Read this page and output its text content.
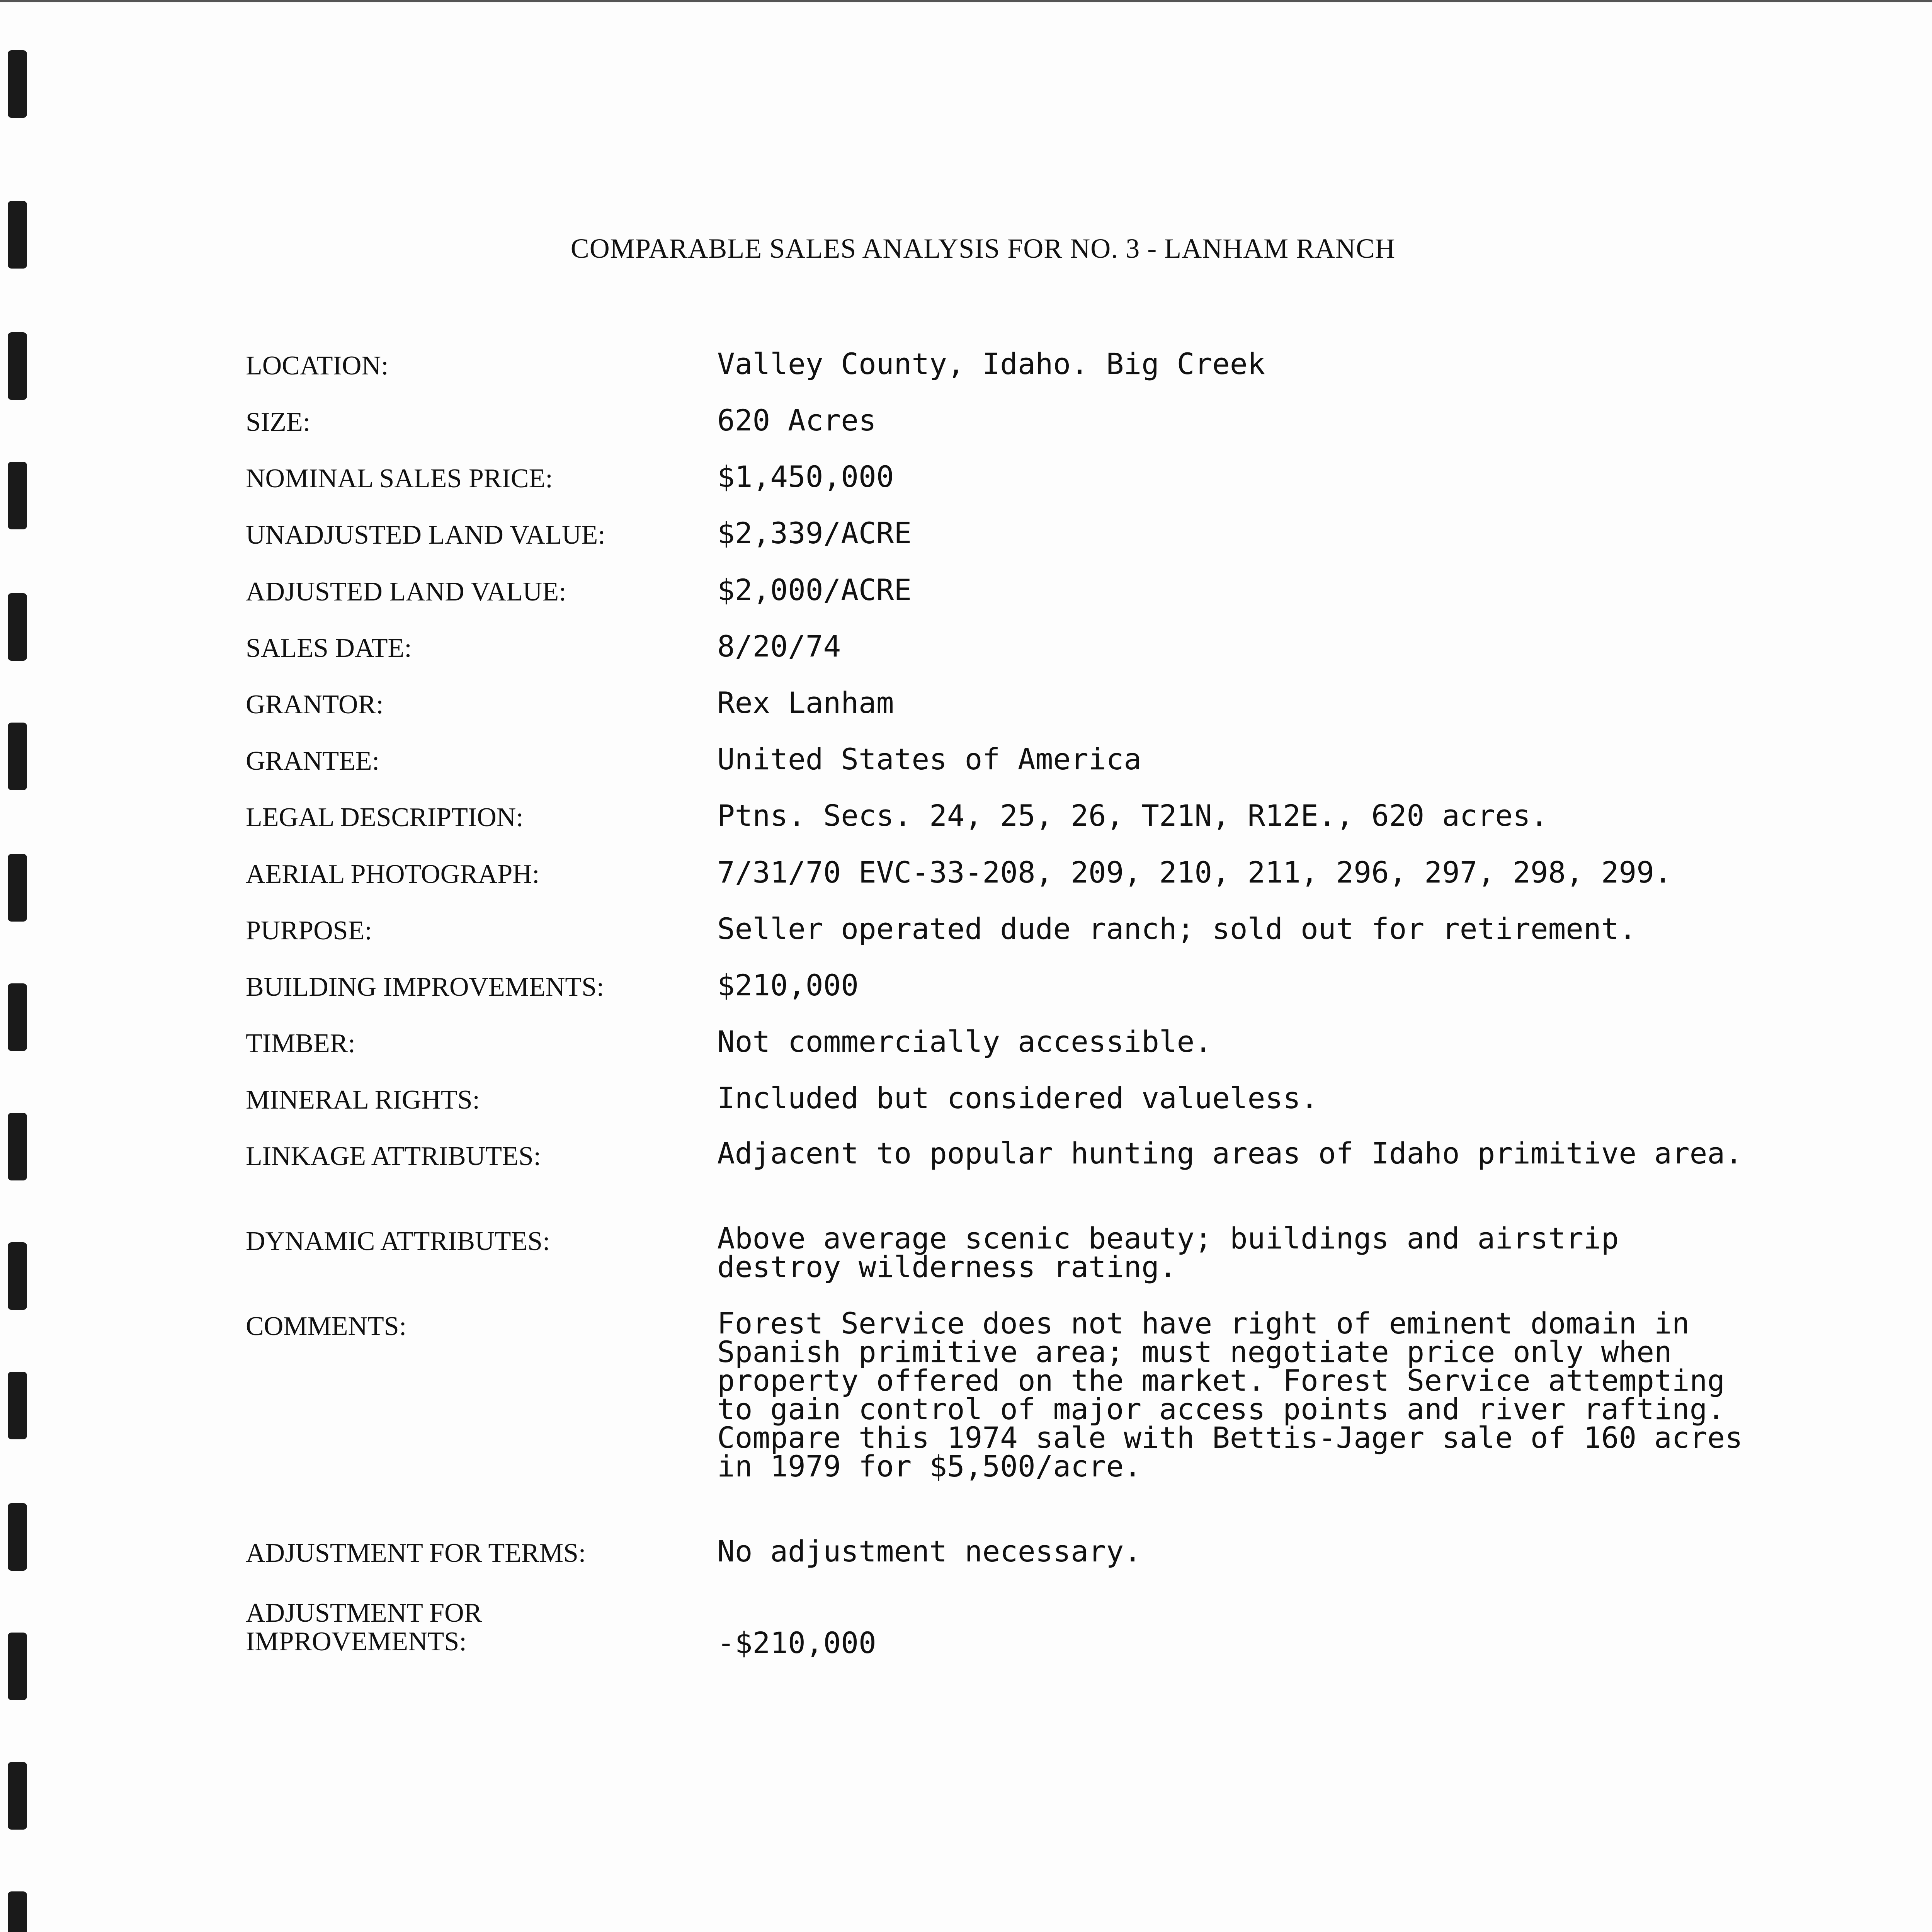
COMPARABLE SALES ANALYSIS FOR NO. 3 - LANHAM RANCH
LOCATION:	Valley County, Idaho. Big Creek
SIZE:	620 Acres
NOMINAL SALES PRICE:	$1,450,000
UNADJUSTED LAND VALUE:	$2,339/ACRE
ADJUSTED LAND VALUE:	$2,000/ACRE
SALES DATE:	8/20/74
GRANTOR:	Rex Lanham
GRANTEE:	United States of America
LEGAL DESCRIPTION:	Ptns. Secs. 24, 25, 26, T21N, R12E., 620 acres.
AERIAL PHOTOGRAPH:	7/31/70 EVC-33-208, 209, 210, 211, 296, 297, 298, 299.
PURPOSE:	Seller operated dude ranch; sold out for retirement.
BUILDING IMPROVEMENTS:	$210,000
TIMBER:	Not commercially accessible.
MINERAL RIGHTS:	Included but considered valueless.
LINKAGE ATTRIBUTES:	Adjacent to popular hunting areas of Idaho primitive area.
DYNAMIC ATTRIBUTES:	Above average scenic beauty; buildings and airstrip destroy wilderness rating.
COMMENTS:	Forest Service does not have right of eminent domain in Spanish primitive area; must negotiate price only when property offered on the market. Forest Service attempting to gain control of major access points and river rafting. Compare this 1974 sale with Bettis-Jager sale of 160 acres in 1979 for $5,500/acre.
ADJUSTMENT FOR TERMS:	No adjustment necessary.
ADJUSTMENT FOR
IMPROVEMENTS:	-$210,000
